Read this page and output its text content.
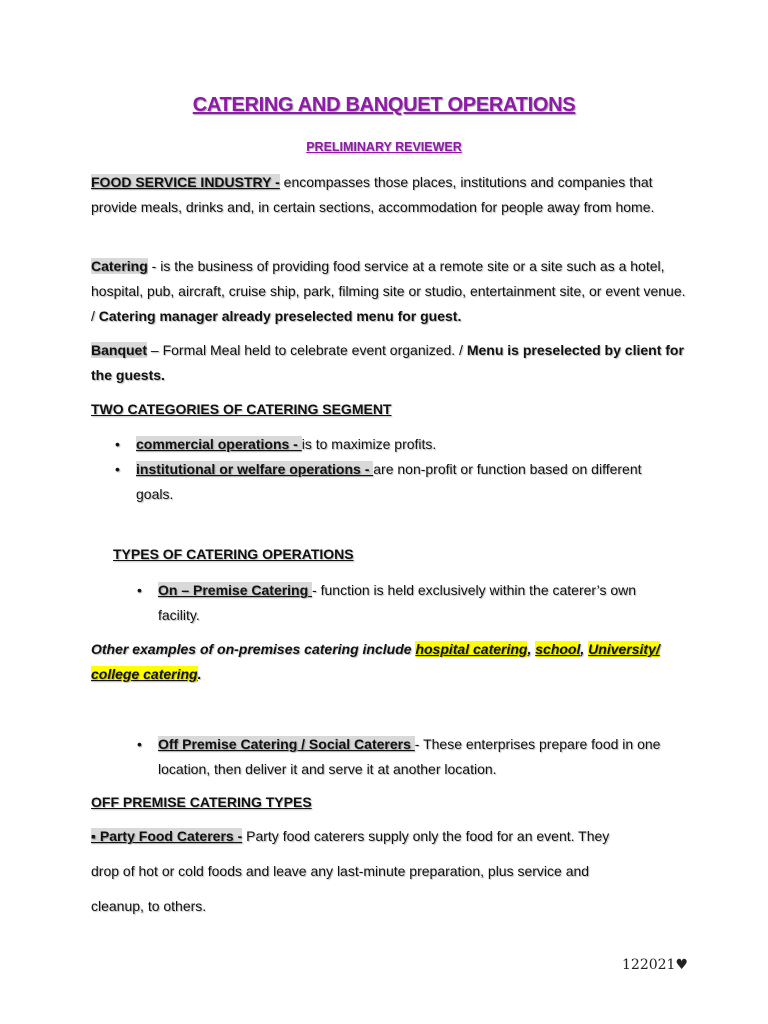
CATERING AND BANQUET OPERATIONS
PRELIMINARY REVIEWER
FOOD SERVICE INDUSTRY - encompasses those places, institutions and companies that provide meals, drinks and, in certain sections, accommodation for people away from home.
Catering - is the business of providing food service at a remote site or a site such as a hotel, hospital, pub, aircraft, cruise ship, park, filming site or studio, entertainment site, or event venue. / Catering manager already preselected menu for guest.
Banquet – Formal Meal held to celebrate event organized. / Menu is preselected by client for the guests.
TWO CATEGORIES OF CATERING SEGMENT
• commercial operations - is to maximize profits.
• institutional or welfare operations - are non-profit or function based on different goals.
TYPES OF CATERING OPERATIONS
• On – Premise Catering - function is held exclusively within the caterer’s own facility.
Other examples of on-premises catering include hospital catering, school, University/ college catering.
• Off Premise Catering / Social Caterers - These enterprises prepare food in one location, then deliver it and serve it at another location.
OFF PREMISE CATERING TYPES
▪ Party Food Caterers - Party food caterers supply only the food for an event. They
drop of hot or cold foods and leave any last-minute preparation, plus service and
cleanup, to others.
122021♥
